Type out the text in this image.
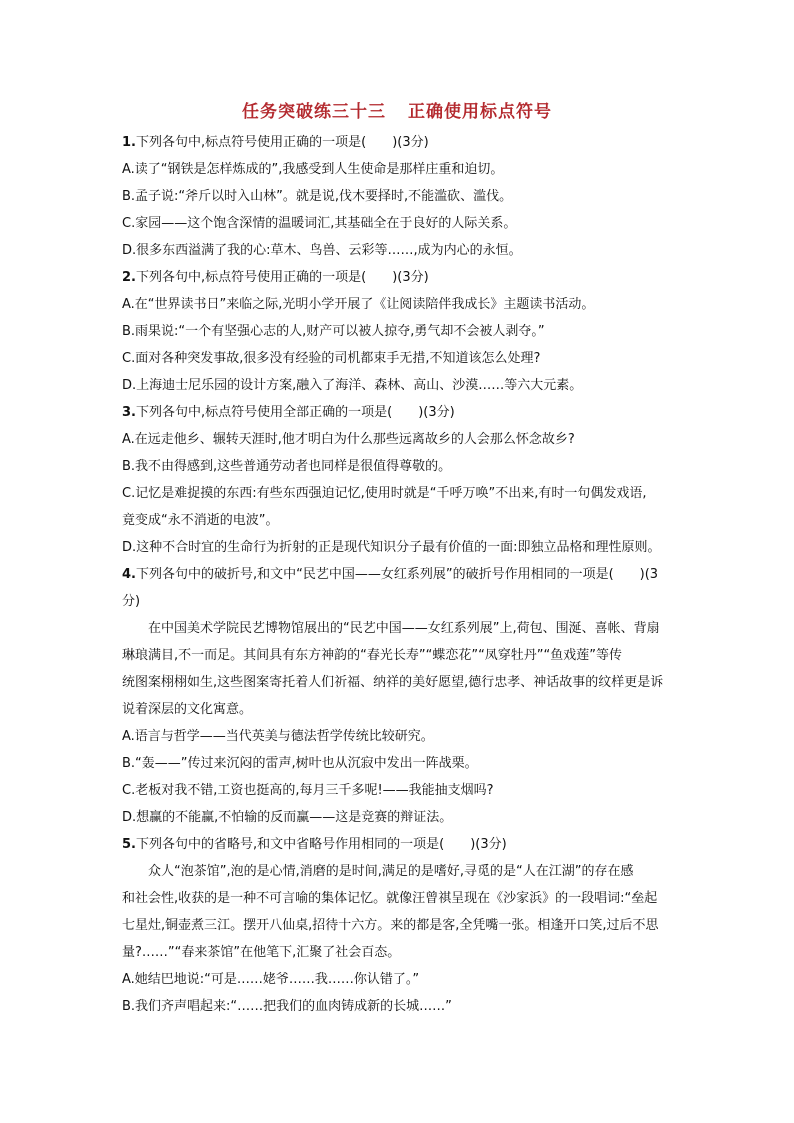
任务突破练三十三 正确使用标点符号
1.下列各句中,标点符号使用正确的一项是(　　)(3分)
A.读了“钢铁是怎样炼成的”,我感受到人生使命是那样庄重和迫切。
B.孟子说:“斧斤以时入山林”。就是说,伐木要择时,不能滥砍、滥伐。
C.家园——这个饱含深情的温暖词汇,其基础全在于良好的人际关系。
D.很多东西溢满了我的心:草木、鸟兽、云彩等……,成为内心的永恒。
2.下列各句中,标点符号使用正确的一项是(　　)(3分)
A.在“世界读书日”来临之际,光明小学开展了《让阅读陪伴我成长》主题读书活动。
B.雨果说:“一个有坚强心志的人,财产可以被人掠夺,勇气却不会被人剥夺。”
C.面对各种突发事故,很多没有经验的司机都束手无措,不知道该怎么处理?
D.上海迪士尼乐园的设计方案,融入了海洋、森林、高山、沙漠……等六大元素。
3.下列各句中,标点符号使用全部正确的一项是(　　)(3分)
A.在远走他乡、辗转天涯时,他才明白为什么那些远离故乡的人会那么怀念故乡?
B.我不由得感到,这些普通劳动者也同样是很值得尊敬的。
C.记忆是难捉摸的东西:有些东西强迫记忆,使用时就是“千呼万唤”不出来,有时一句偶发戏语,
竟变成“永不消逝的电波”。
D.这种不合时宜的生命行为折射的正是现代知识分子最有价值的一面:即独立品格和理性原则。
4.下列各句中的破折号,和文中“民艺中国——女红系列展”的破折号作用相同的一项是(　　)(3
分)
在中国美术学院民艺博物馆展出的“民艺中国——女红系列展”上,荷包、围涎、喜帐、背扇
琳琅满目,不一而足。其间具有东方神韵的“春光长寿”“蝶恋花”“凤穿牡丹”“鱼戏莲”等传
统图案栩栩如生,这些图案寄托着人们祈福、纳祥的美好愿望,德行忠孝、神话故事的纹样更是诉
说着深层的文化寓意。
A.语言与哲学——当代英美与德法哲学传统比较研究。
B.“轰——”传过来沉闷的雷声,树叶也从沉寂中发出一阵战栗。
C.老板对我不错,工资也挺高的,每月三千多呢!——我能抽支烟吗?
D.想赢的不能赢,不怕输的反而赢——这是竞赛的辩证法。
5.下列各句中的省略号,和文中省略号作用相同的一项是(　　)(3分)
众人“泡茶馆”,泡的是心情,消磨的是时间,满足的是嗜好,寻觅的是“人在江湖”的存在感
和社会性,收获的是一种不可言喻的集体记忆。就像汪曾祺呈现在《沙家浜》的一段唱词:“垒起
七星灶,铜壶煮三江。摆开八仙桌,招待十六方。来的都是客,全凭嘴一张。相逢开口笑,过后不思
量?……”“春来茶馆”在他笔下,汇聚了社会百态。
A.她结巴地说:“可是……姥爷……我……你认错了。”
B.我们齐声唱起来:“……把我们的血肉铸成新的长城……”
